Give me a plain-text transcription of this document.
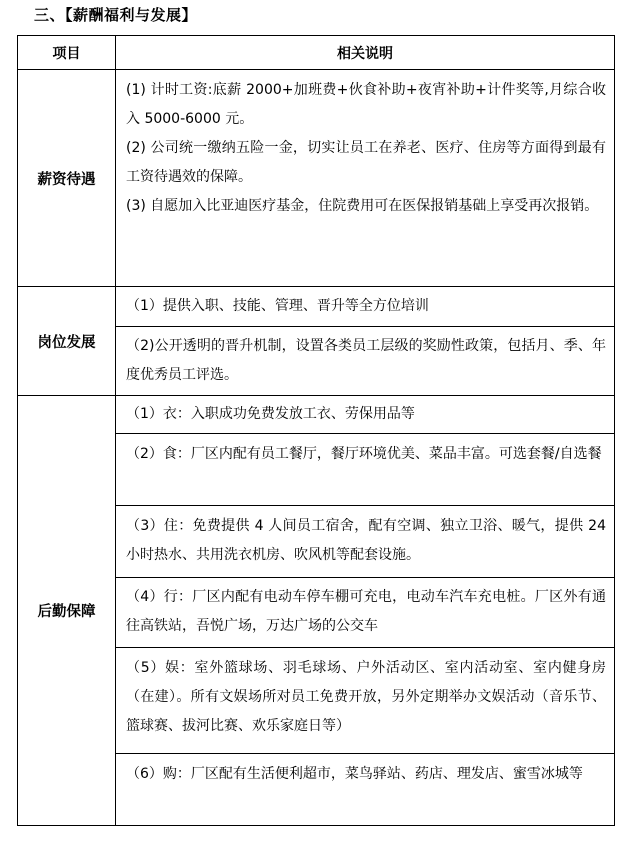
三、【薪酬福利与发展】
项目	相关说明
薪资待遇	(1) 计时工资:底薪 2000+加班费+伙食补助+夜宵补助+计件奖等,月综合收入 5000-6000 元。
(2) 公司统一缴纳五险一金，切实让员工在养老、医疗、住房等方面得到最有工资待遇效的保障。
(3) 自愿加入比亚迪医疗基金，住院费用可在医保报销基础上享受再次报销。

岗位发展	（1）提供入职、技能、管理、晋升等全方位培训

	（2)公开透明的晋升机制，设置各类员工层级的奖励性政策，包括月、季、年度优秀员工评选。

后勤保障	（1）衣：入职成功免费发放工衣、劳保用品等

	（2）食：厂区内配有员工餐厅，餐厅环境优美、菜品丰富。可选套餐/自选餐

	（3）住：免费提供 4 人间员工宿舍，配有空调、独立卫浴、暖气，提供 24 小时热水、共用洗衣机房、吹风机等配套设施。

	（4）行：厂区内配有电动车停车棚可充电，电动车汽车充电桩。厂区外有通往高铁站，吾悦广场，万达广场的公交车

	（5）娱：室外篮球场、羽毛球场、户外活动区、室内活动室、室内健身房（在建）。所有文娱场所对员工免费开放，另外定期举办文娱活动（音乐节、篮球赛、拔河比赛、欢乐家庭日等）

	（6）购：厂区配有生活便利超市，菜鸟驿站、药店、理发店、蜜雪冰城等
